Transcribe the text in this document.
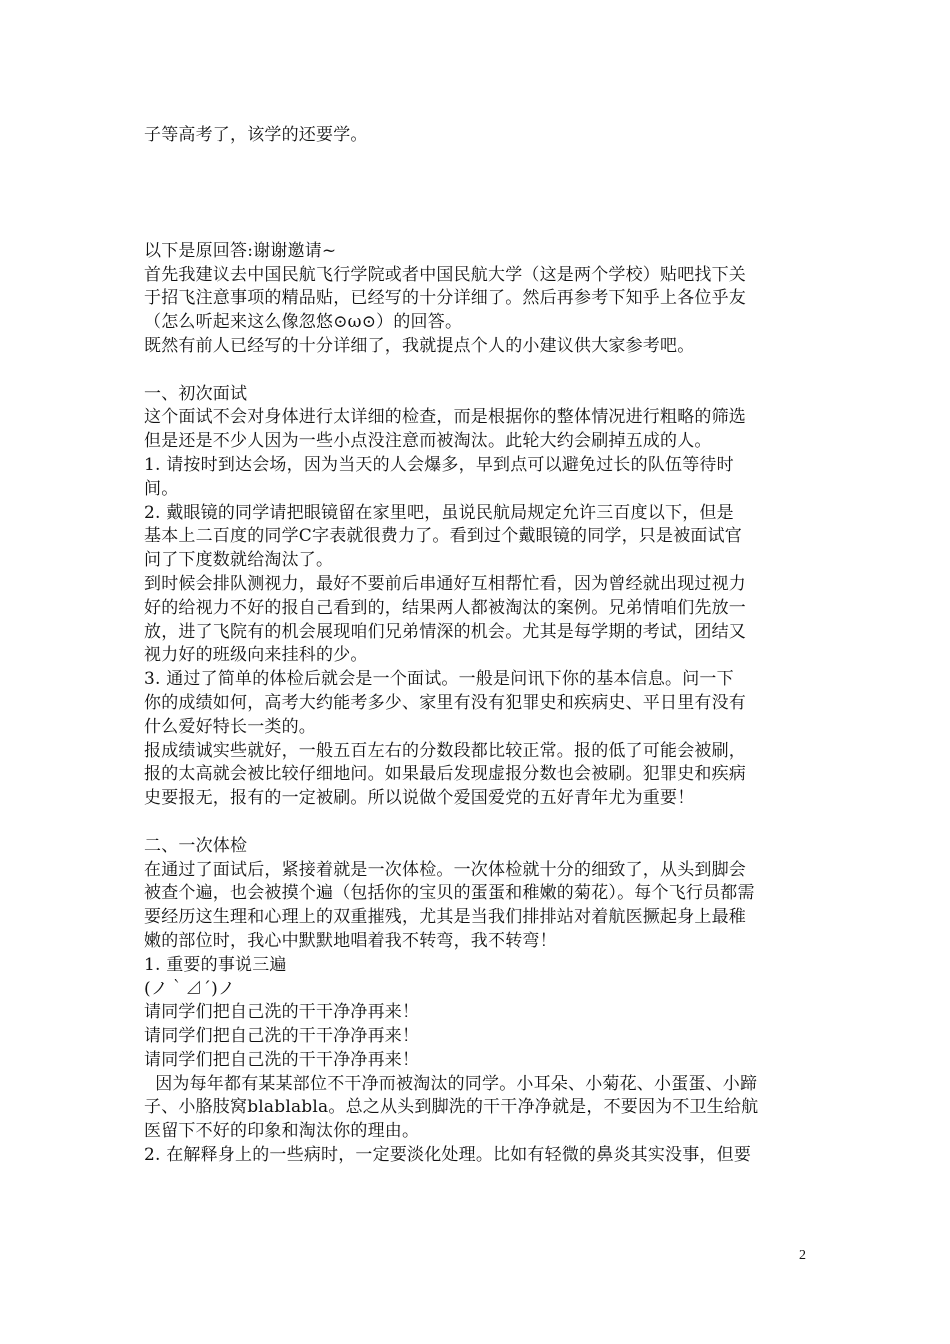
子等高考了，该学的还要学。
以下是原回答:谢谢邀请~
首先我建议去中国民航飞行学院或者中国民航大学（这是两个学校）贴吧找下关
于招飞注意事项的精品贴，已经写的十分详细了。然后再参考下知乎上各位乎友
（怎么听起来这么像忽悠⊙ω⊙）的回答。
既然有前人已经写的十分详细了，我就提点个人的小建议供大家参考吧。
一、初次面试
这个面试不会对身体进行太详细的检查，而是根据你的整体情况进行粗略的筛选
但是还是不少人因为一些小点没注意而被淘汰。此轮大约会刷掉五成的人。
1. 请按时到达会场，因为当天的人会爆多，早到点可以避免过长的队伍等待时
间。
2. 戴眼镜的同学请把眼镜留在家里吧，虽说民航局规定允许三百度以下，但是
基本上二百度的同学C字表就很费力了。看到过个戴眼镜的同学，只是被面试官
问了下度数就给淘汰了。
到时候会排队测视力，最好不要前后串通好互相帮忙看，因为曾经就出现过视力
好的给视力不好的报自己看到的，结果两人都被淘汰的案例。兄弟情咱们先放一
放，进了飞院有的机会展现咱们兄弟情深的机会。尤其是每学期的考试，团结又
视力好的班级向来挂科的少。
3. 通过了简单的体检后就会是一个面试。一般是问讯下你的基本信息。问一下
你的成绩如何，高考大约能考多少、家里有没有犯罪史和疾病史、平日里有没有
什么爱好特长一类的。
报成绩诚实些就好，一般五百左右的分数段都比较正常。报的低了可能会被刷，
报的太高就会被比较仔细地问。如果最后发现虚报分数也会被刷。犯罪史和疾病
史要报无，报有的一定被刷。所以说做个爱国爱党的五好青年尤为重要！
二、一次体检
在通过了面试后，紧接着就是一次体检。一次体检就十分的细致了，从头到脚会
被查个遍，也会被摸个遍（包括你的宝贝的蛋蛋和稚嫩的菊花）。每个飞行员都需
要经历这生理和心理上的双重摧残，尤其是当我们排排站对着航医撅起身上最稚
嫩的部位时，我心中默默地唱着我不转弯，我不转弯！
1. 重要的事说三遍
(ノ｀⊿´)ノ
请同学们把自己洗的干干净净再来！
请同学们把自己洗的干干净净再来！
请同学们把自己洗的干干净净再来！
因为每年都有某某部位不干净而被淘汰的同学。小耳朵、小菊花、小蛋蛋、小蹄
子、小胳肢窝blablabla。总之从头到脚洗的干干净净就是，不要因为不卫生给航
医留下不好的印象和淘汰你的理由。
2. 在解释身上的一些病时，一定要淡化处理。比如有轻微的鼻炎其实没事，但要
2
